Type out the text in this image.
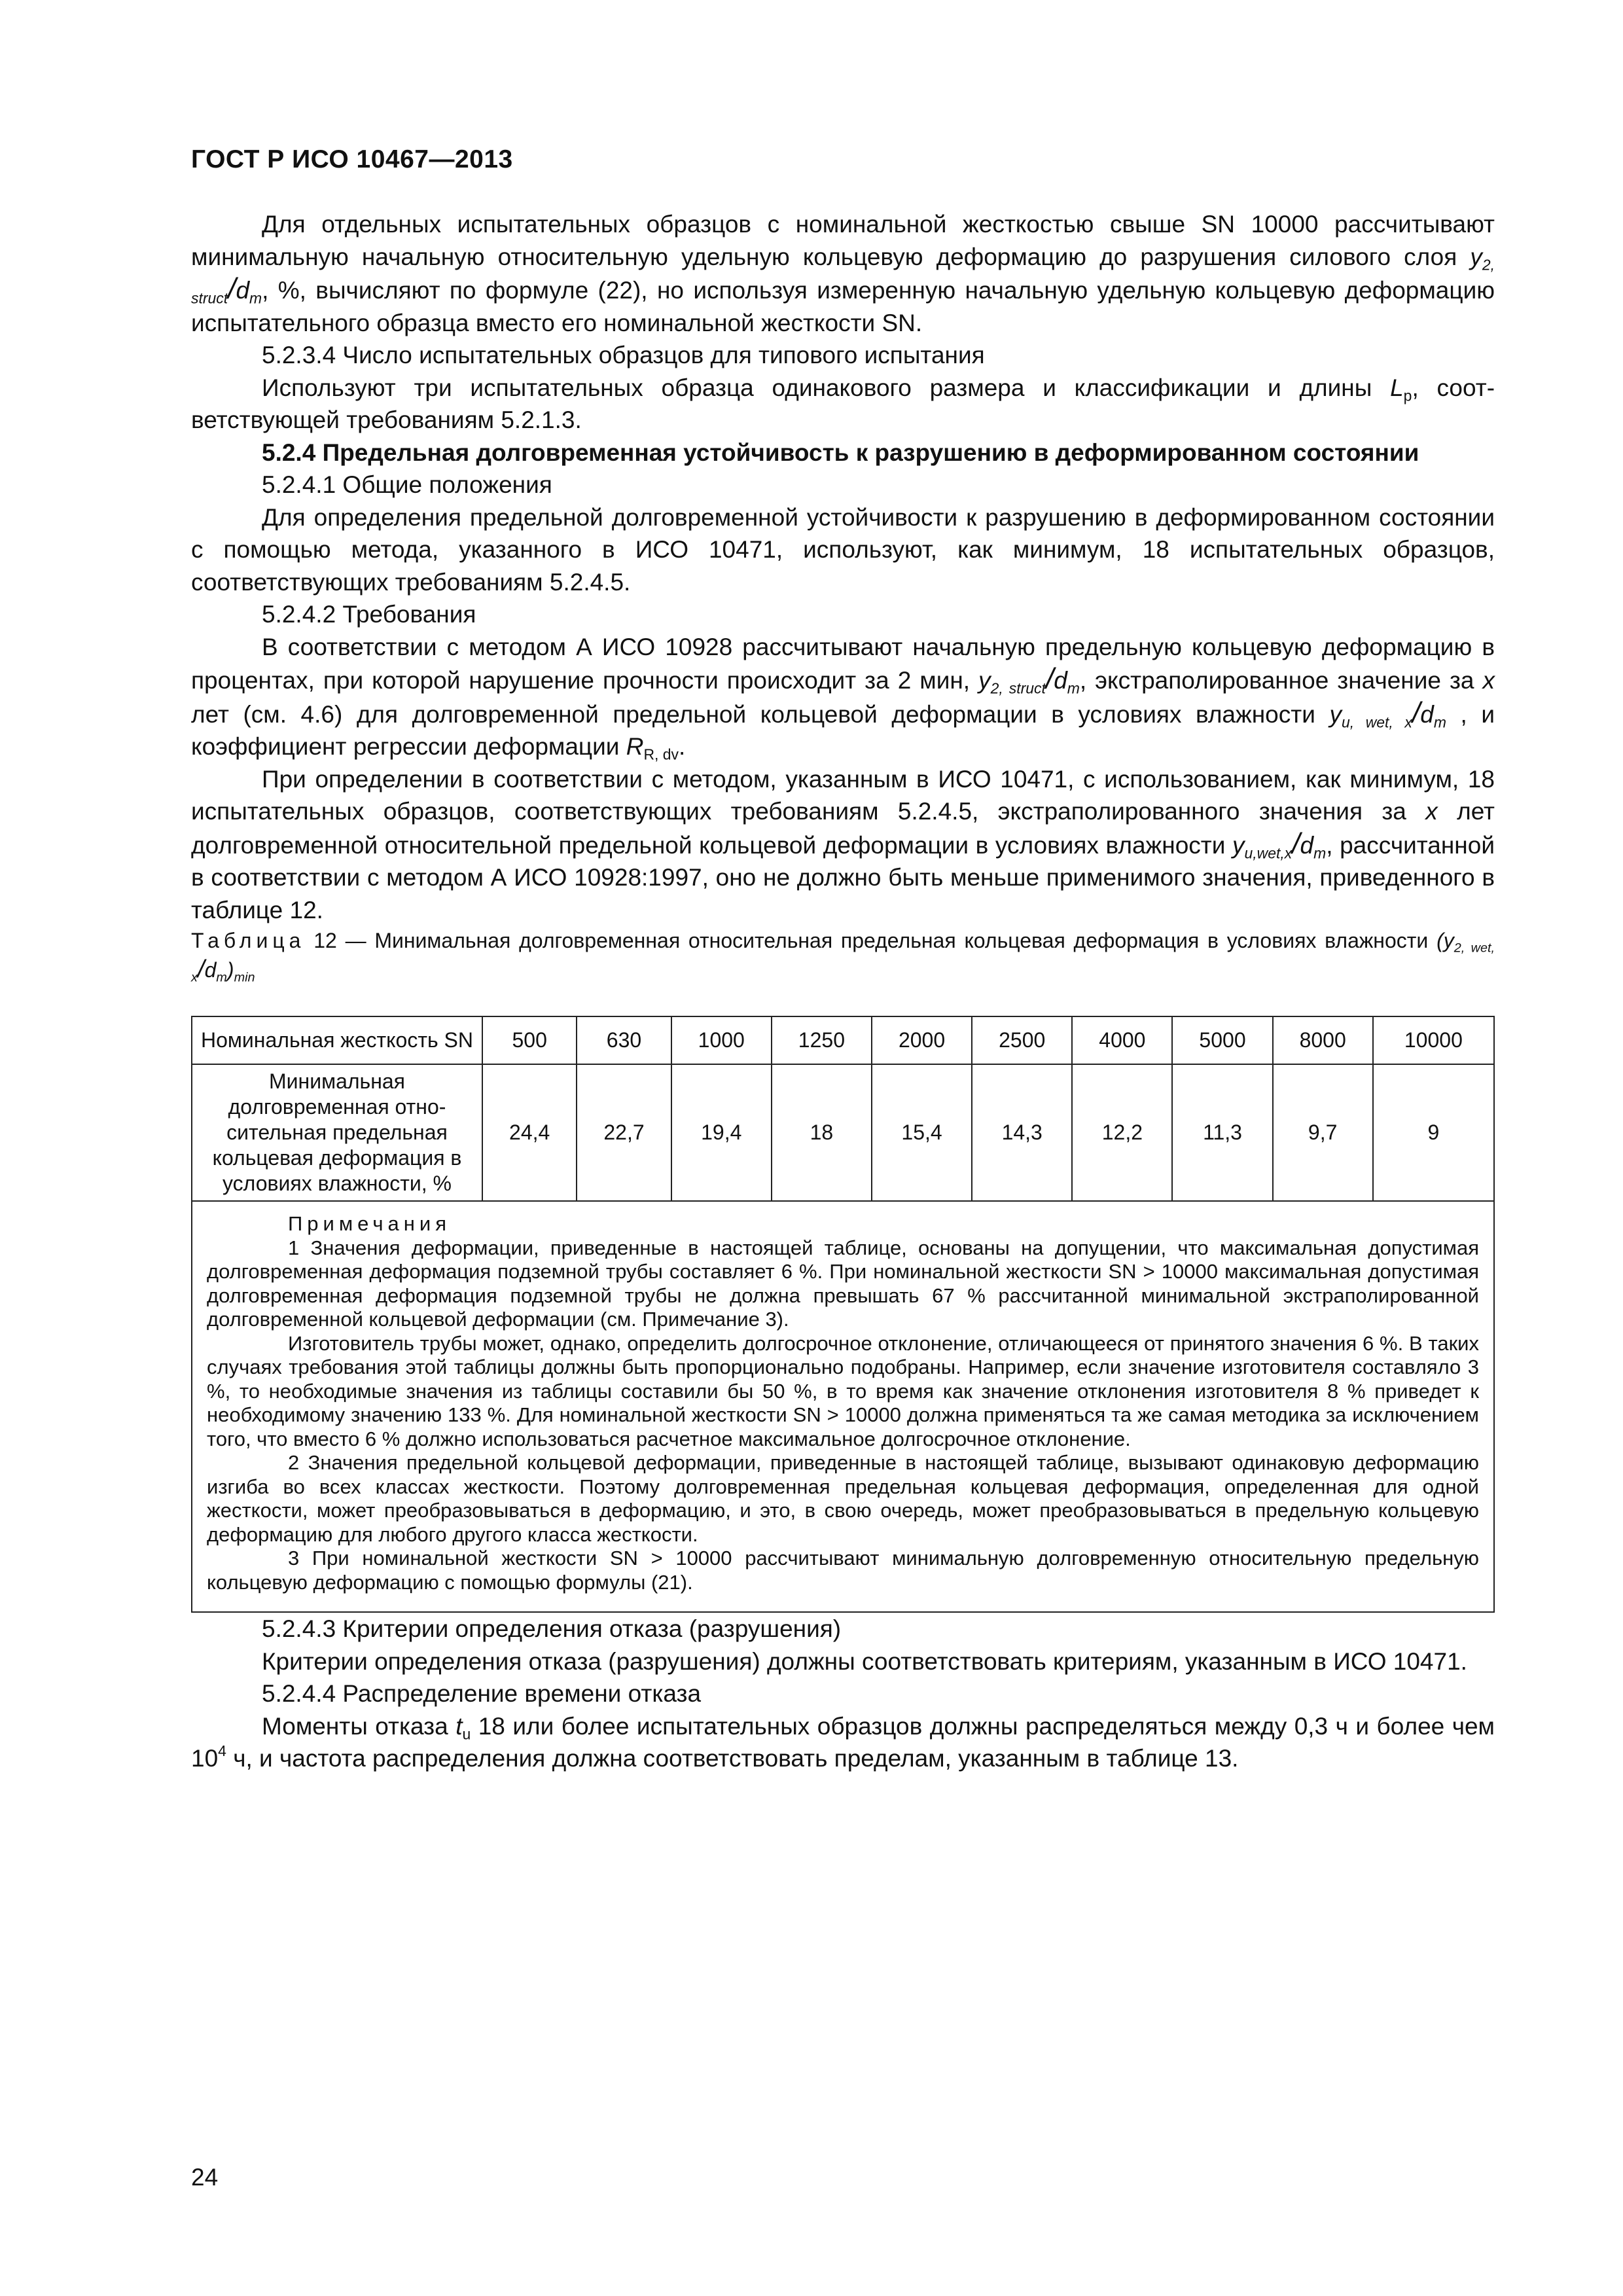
ГОСТ Р ИСО 10467—2013

Для отдельных испытательных образцов с номинальной жесткостью свыше SN 10000 рассчитывают минимальную начальную относительную удельную кольцевую деформацию до разрушения силового слоя $y_{2, struct}/d_m$, %, вычисляют по формуле (22), но используя измеренную начальную удельную кольцевую деформацию испытательного образца вместо его номинальной жесткости SN.

5.2.3.4 Число испытательных образцов для типового испытания

Используют три испытательных образца одинакового размера и классификации и длины $L_p$, соответствующей требованиям 5.2.1.3.

5.2.4 Предельная долговременная устойчивость к разрушению в деформированном состоянии

5.2.4.1 Общие положения

Для определения предельной долговременной устойчивости к разрушению в деформированном состоянии с помощью метода, указанного в ИСО 10471, используют, как минимум, 18 испытательных образцов, соответствующих требованиям 5.2.4.5.

5.2.4.2 Требования

В соответствии с методом А ИСО 10928 рассчитывают начальную предельную кольцевую деформацию в процентах, при которой нарушение прочности происходит за 2 мин, $y_{2, struct}/d_m$, экстраполированное значение за x лет (см. 4.6) для долговременной предельной кольцевой деформации в условиях влажности $y_{u, wet, x}/d_m$ , и коэффициент регрессии деформации $R_{R, dv}$.

При определении в соответствии с методом, указанным в ИСО 10471, с использованием, как минимум, 18 испытательных образцов, соответствующих требованиям 5.2.4.5, экстраполированного значения за x лет долговременной относительной предельной кольцевой деформации в условиях влажности $y_{u,wet,x}/d_m$, рассчитанной в соответствии с методом А ИСО 10928:1997, оно не должно быть меньше применимого значения, приведенного в таблице 12.

Таблица 12 — Минимальная долговременная относительная предельная кольцевая деформация в условиях влажности $(y_{2, wet, x}/d_m)_{min}$

Номинальная жесткость SN	500	630	1000	1250	2000	2500	4000	5000	8000	10000
Минимальная долговременная относительная предельная кольцевая деформация в условиях влажности, %	24,4	22,7	19,4	18	15,4	14,3	12,2	11,3	9,7	9

Примечания

1 Значения деформации, приведенные в настоящей таблице, основаны на допущении, что максимальная допустимая долговременная деформация подземной трубы составляет 6 %. При номинальной жесткости SN > 10000 максимальная допустимая долговременная деформация подземной трубы не должна превышать 67 % рассчитанной минимальной экстраполированной долговременной кольцевой деформации (см. Примечание 3).

Изготовитель трубы может, однако, определить долгосрочное отклонение, отличающееся от принятого значения 6 %. В таких случаях требования этой таблицы должны быть пропорционально подобраны. Например, если значение изготовителя составляло 3 %, то необходимые значения из таблицы составили бы 50 %, в то время как значение отклонения изготовителя 8 % приведет к необходимому значению 133 %. Для номинальной жесткости SN > 10000 должна применяться та же самая методика за исключением того, что вместо 6 % должно использоваться расчетное максимальное долгосрочное отклонение.

2 Значения предельной кольцевой деформации, приведенные в настоящей таблице, вызывают одинаковую деформацию изгиба во всех классах жесткости. Поэтому долговременная предельная кольцевая деформация, определенная для одной жесткости, может преобразовываться в деформацию, и это, в свою очередь, может преобразовываться в предельную кольцевую деформацию для любого другого класса жесткости.

3 При номинальной жесткости SN > 10000 рассчитывают минимальную долговременную относительную предельную кольцевую деформацию с помощью формулы (21).										

5.2.4.3 Критерии определения отказа (разрушения)

Критерии определения отказа (разрушения) должны соответствовать критериям, указанным в ИСО 10471.

5.2.4.4 Распределение времени отказа

Моменты отказа $t_u$ 18 или более испытательных образцов должны распределяться между 0,3 ч и более чем $10^4$ ч, и частота распределения должна соответствовать пределам, указанным в таблице 13.

24
